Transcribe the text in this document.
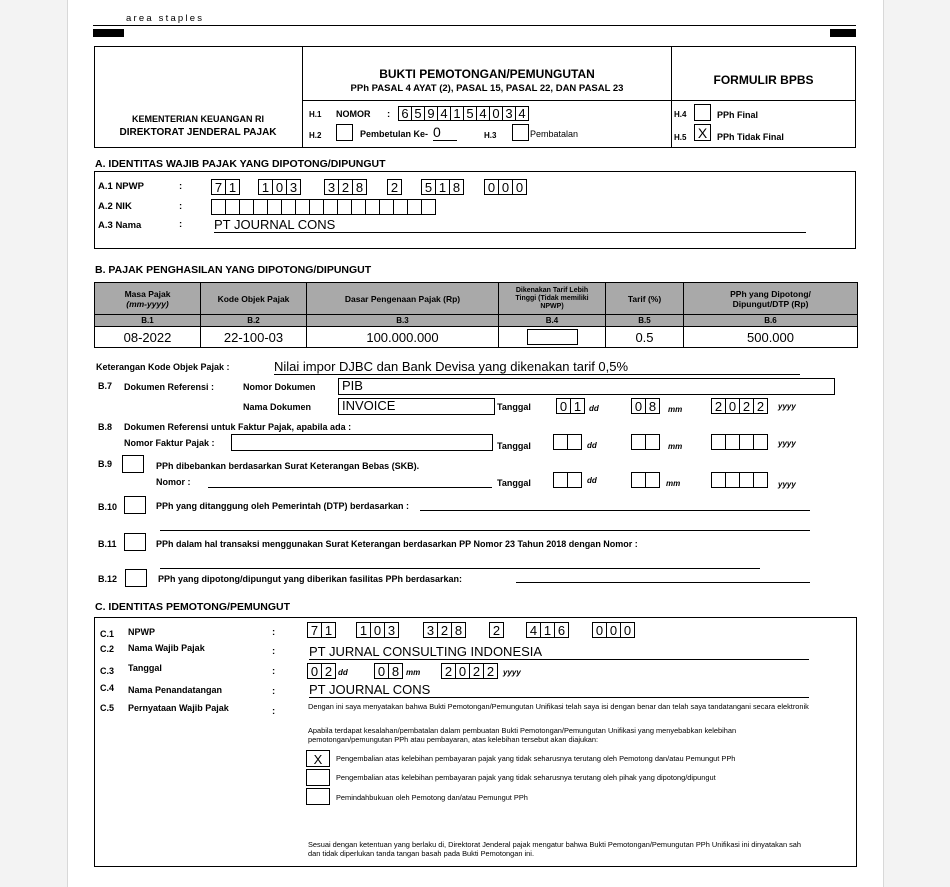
area staples
KEMENTERIAN KEUANGAN RI
DIREKTORAT JENDERAL PAJAK
BUKTI PEMOTONGAN/PEMUNGUTAN
PPh PASAL 4 AYAT (2), PASAL 15, PASAL 22, DAN PASAL 23
FORMULIR BPBS
H.1 NOMOR : 6 5 9 4 1 5 4 0 3 4
H.2	Pembetulan Ke- 0	H.3	Pembatalan
H.4	PPh Final
H.5 X	PPh Tidak Final
A. IDENTITAS WAJIB PAJAK YANG DIPOTONG/DIPUNGUT
A.1 NPWP	:	7 1 1 0 3 3 2 8 2 5 1 8 0 0 0
A.2 NIK	:
A.3 Nama	: PT JOURNAL CONS
B. PAJAK PENGHASILAN YANG DIPOTONG/DIPUNGUT
Masa Pajak
(mm-yyyy)	Kode Objek Pajak	Dasar Pengenaan Pajak (Rp)	Dikenakan Tarif Lebih Tinggi (Tidak memiliki NPWP)	Tarif (%)	PPh yang Dipotong/ Dipungut/DTP (Rp)
B.1	B.2	B.3	B.4	B.5	B.6
08-2022	22-100-03	100.000.000		0.5	500.000
Keterangan Kode Objek Pajak :	Nilai impor DJBC dan Bank Devisa yang dikenakan tarif 0,5%
B.7 Dokumen Referensi :	Nomor Dokumen	PIB
Nama Dokumen	INVOICE	Tanggal 0 1 dd	0 8	mm	2 0 2 2	yyyy
B.8 Dokumen Referensi untuk Faktur Pajak, apabila ada :
Nomor Faktur Pajak :	Tanggal	dd	mm	yyyy
B.9	PPh dibebankan berdasarkan Surat Keterangan Bebas (SKB).
Nomor :	Tanggal	dd	mm	yyyy
B.10	PPh yang ditanggung oleh Pemerintah (DTP) berdasarkan :
B.11	PPh dalam hal transaksi menggunakan Surat Keterangan berdasarkan PP Nomor 23 Tahun 2018 dengan Nomor :
B.12	PPh yang dipotong/dipungut yang diberikan fasilitas PPh berdasarkan:
C. IDENTITAS PEMOTONG/PEMUNGUT
C.1 NPWP	:	7 1 1 0 3 3 2 8 2 4 1 6 0 0 0
C.2 Nama Wajib Pajak	:	PT JURNAL CONSULTING INDONESIA
C.3 Tanggal	:	0 2 dd 0 8 mm 2 0 2 2	yyyy
C.4 Nama Penandatangan	:	PT JOURNAL CONS
C.5 Pernyataan Wajib Pajak	:	Dengan ini saya menyatakan bahwa Bukti Pemotongan/Pemungutan Unifikasi telah saya isi dengan benar dan telah saya tandatangani secara elektronik
Apabila terdapat kesalahan/pembatalan dalam pembuatan Bukti Pemotongan/Pemungutan Unifikasi yang menyebabkan kelebihan pemotongan/pemungutan PPh atau pembayaran, atas kelebihan tersebut akan diajukan:
X	Pengembalian atas kelebihan pembayaran pajak yang tidak seharusnya terutang oleh Pemotong dan/atau Pemungut PPh
Pengembalian atas kelebihan pembayaran pajak yang tidak seharusnya terutang oleh pihak yang dipotong/dipungut
Pemindahbukuan oleh Pemotong dan/atau Pemungut PPh
Sesuai dengan ketentuan yang berlaku di, Direktorat Jenderal pajak mengatur bahwa Bukti Pemotongan/Pemungutan PPh Unifikasi ini dinyatakan sah dan tidak diperlukan tanda tangan basah pada Bukti Pemotongan ini.
